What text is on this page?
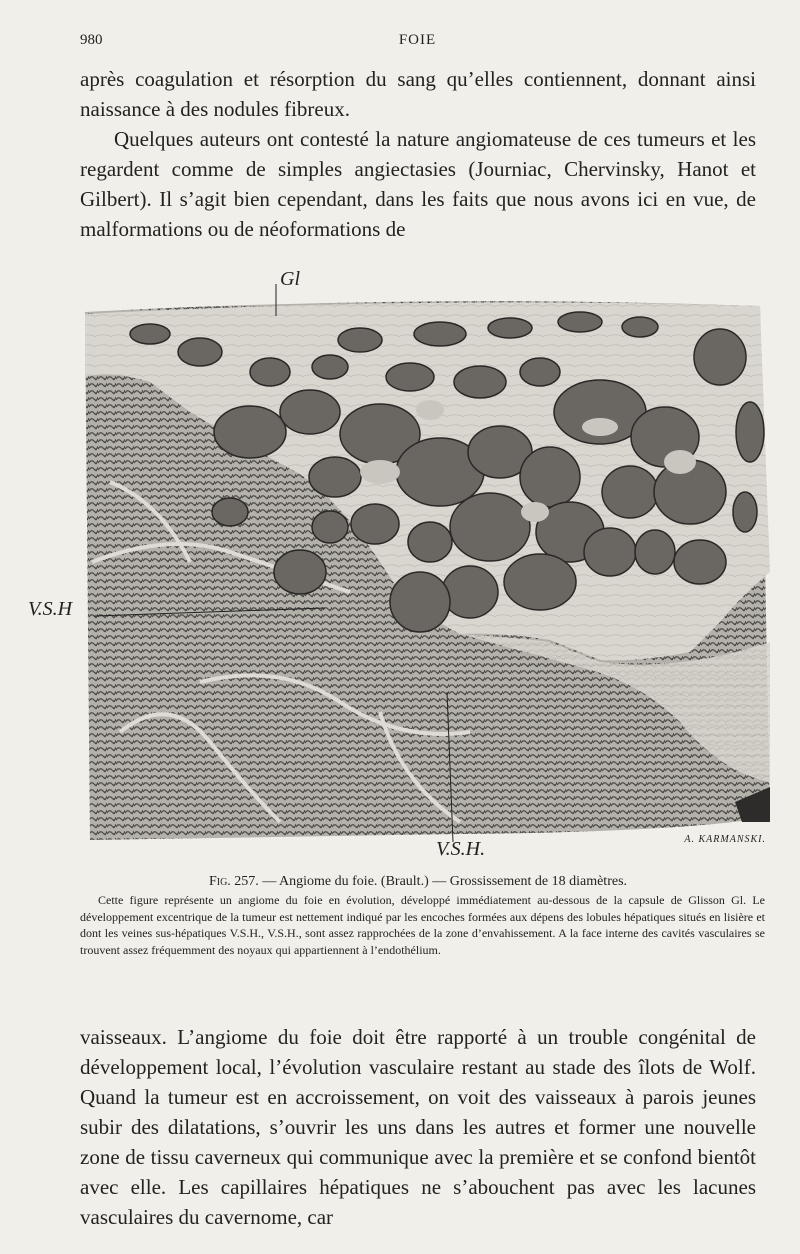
980	FOIE

après coagulation et résorption du sang qu’elles contiennent, donnant ainsi naissance à des nodules fibreux.

Quelques auteurs ont contesté la nature angiomateuse de ces tumeurs et les regardent comme de simples angiectasies (Journiac, Chervinsky, Hanot et Gilbert). Il s’agit bien cependant, dans les faits que nous avons ici en vue, de malformations ou de néoformations de

Gl
V.S.H
V.S.H.	A. KARMANSKI.
Fig. 257. — Angiome du foie. (Brault.) — Grossissement de 18 diamètres.

Cette figure représente un angiome du foie en évolution, développé immédiatement au-dessous de la capsule de Glisson Gl. Le développement excentrique de la tumeur est nettement indiqué par les encoches formées aux dépens des lobules hépatiques situés en lisière et dont les veines sus-hépatiques V.S.H., V.S.H., sont assez rapprochées de la zone d’envahissement. A la face interne des cavités vasculaires se trouvent assez fréquemment des noyaux qui appartiennent à l’endothélium.

vaisseaux. L’angiome du foie doit être rapporté à un trouble congénital de développement local, l’évolution vasculaire restant au stade des îlots de Wolf. Quand la tumeur est en accroissement, on voit des vaisseaux à parois jeunes subir des dilatations, s’ouvrir les uns dans les autres et former une nouvelle zone de tissu caverneux qui communique avec la première et se confond bientôt avec elle. Les capillaires hépatiques ne s’abouchent pas avec les lacunes vasculaires du cavernome, car
